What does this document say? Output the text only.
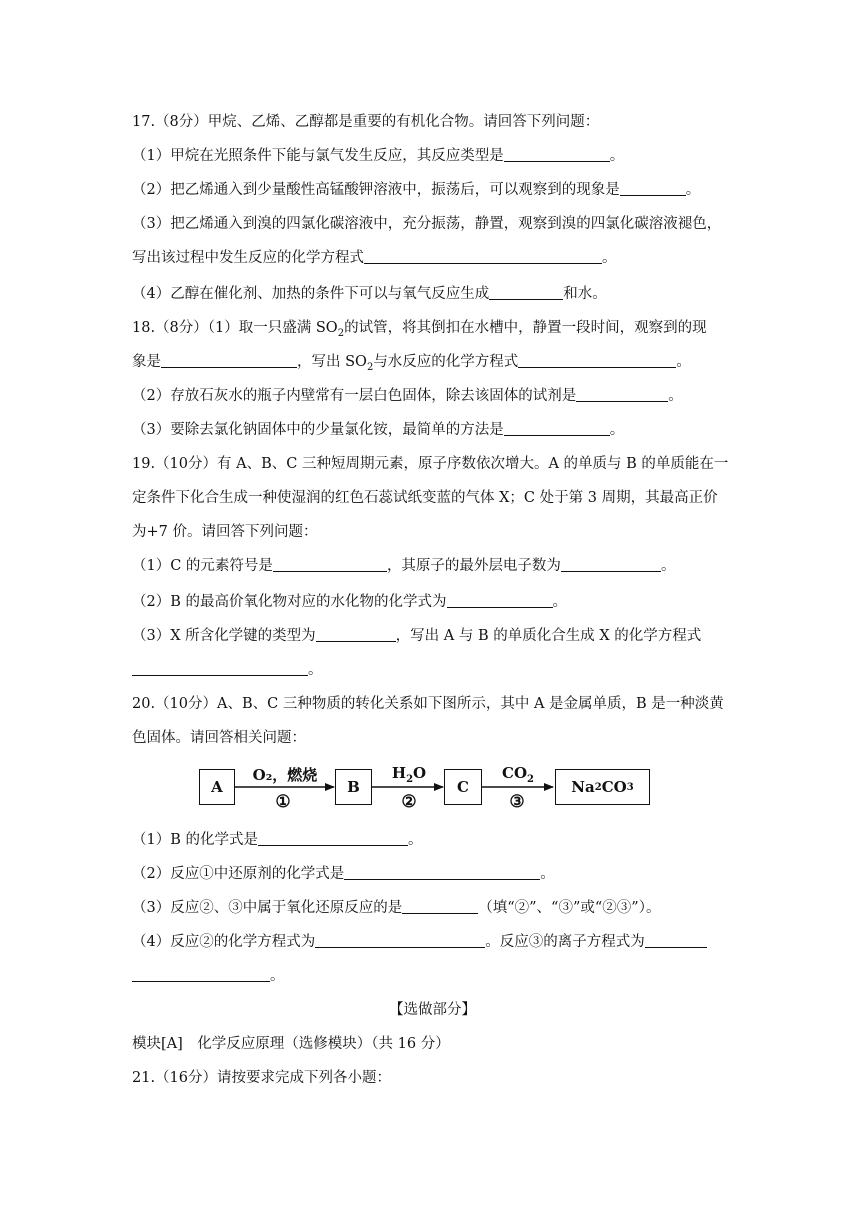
17.（8分）甲烷、乙烯、乙醇都是重要的有机化合物。请回答下列问题：
（1）甲烷在光照条件下能与氯气发生反应，其反应类型是	。
（2）把乙烯通入到少量酸性高锰酸钾溶液中，振荡后，可以观察到的现象是	。
（3）把乙烯通入到溴的四氯化碳溶液中，充分振荡，静置，观察到溴的四氯化碳溶液褪色，
写出该过程中发生反应的化学方程式	。
（4）乙醇在催化剂、加热的条件下可以与氧气反应生成	和水。
18.（8分）（1）取一只盛满 $SO_2$的试管，将其倒扣在水槽中，静置一段时间，观察到的现
象是	，写出 $SO_2$与水反应的化学方程式	。
（2）存放石灰水的瓶子内壁常有一层白色固体，除去该固体的试剂是	。
（3）要除去氯化钠固体中的少量氯化铵，最简单的方法是	。
19.（10分）有 A、B、C 三种短周期元素，原子序数依次增大。A 的单质与 B 的单质能在一
定条件下化合生成一种使湿润的红色石蕊试纸变蓝的气体 X；C 处于第 3 周期，其最高正价
为+7 价。请回答下列问题：
（1）C 的元素符号是	，其原子的最外层电子数为	。
（2）B 的最高价氧化物对应的水化物的化学式为	。
（3）X 所含化学键的类型为	，写出 A 与 B 的单质化合生成 X 的化学方程式
。
20.（10分）A、B、C 三种物质的转化关系如下图所示，其中 A 是金属单质，B 是一种淡黄
色固体。请回答相关问题：
A	B	C	Na 2 CO 3
O₂，燃烧
①
$H_2O$
②
$CO_2$
③
（1）B 的化学式是	。
（2）反应①中还原剂的化学式是	。
（3）反应②、③中属于氧化还原反应的是	（填“②”、“③”或“②③”）。
（4）反应②的化学方程式为	。反应③的离子方程式为
。
【选做部分】
模块[A]　化学反应原理（选修模块）（共 16 分）
21.（16分）请按要求完成下列各小题：
